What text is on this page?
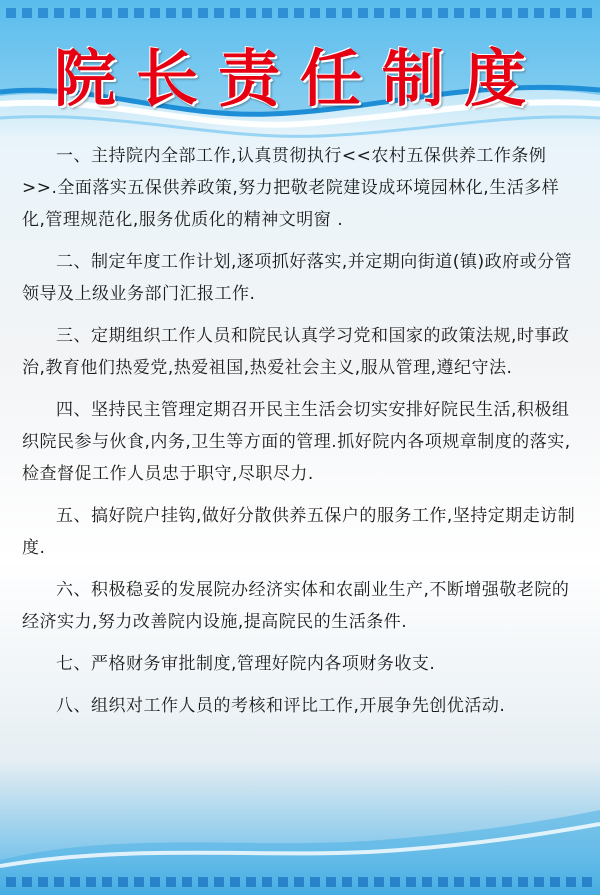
院长责任制度

一、主持院内全部工作,认真贯彻执行<<农村五保供养工作条例>>.全面落实五保供养政策,努力把敬老院建设成环境园林化,生活多样化,管理规范化,服务优质化的精神文明窗 .

二、制定年度工作计划,逐项抓好落实,并定期向街道(镇)政府或分管领导及上级业务部门汇报工作.

三、定期组织工作人员和院民认真学习党和国家的政策法规,时事政治,教育他们热爱党,热爱祖国,热爱社会主义,服从管理,遵纪守法.

四、坚持民主管理定期召开民主生活会切实安排好院民生活,积极组织院民参与伙食,内务,卫生等方面的管理.抓好院内各项规章制度的落实,检查督促工作人员忠于职守,尽职尽力.

五、搞好院户挂钩,做好分散供养五保户的服务工作,坚持定期走访制度.

六、积极稳妥的发展院办经济实体和农副业生产,不断增强敬老院的经济实力,努力改善院内设施,提高院民的生活条件.

七、严格财务审批制度,管理好院内各项财务收支.

八、组织对工作人员的考核和评比工作,开展争先创优活动.
